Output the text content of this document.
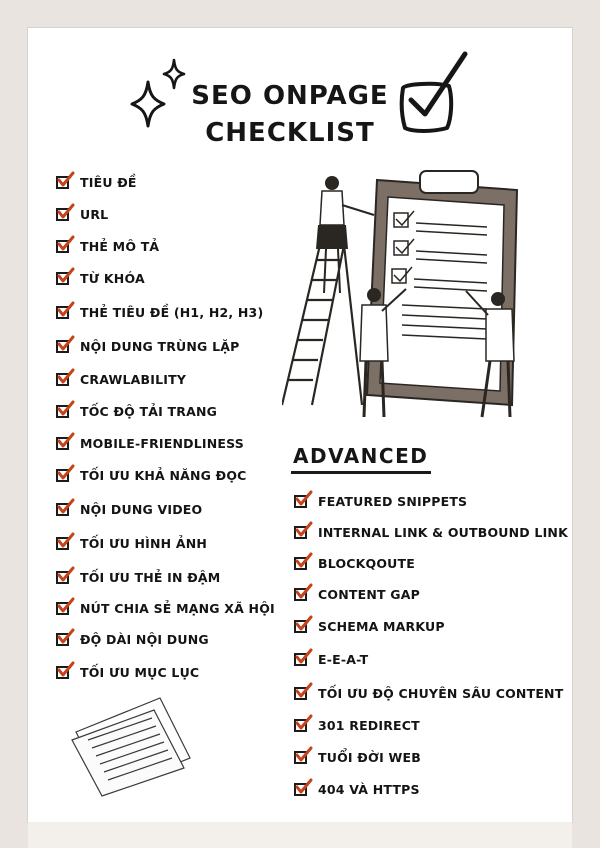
SEO ONPAGE
CHECKLIST
ADVANCED
TIÊU ĐỀ
URL
THẺ MÔ TẢ
TỪ KHÓA
THẺ TIÊU ĐỀ (H1, H2, H3)
NỘI DUNG TRÙNG LẶP
CRAWLABILITY
TỐC ĐỘ TẢI TRANG
MOBILE-FRIENDLINESS
TỐI ƯU KHẢ NĂNG ĐỌC
NỘI DUNG VIDEO
TỐI ƯU HÌNH ẢNH
TỐI ƯU THẺ IN ĐẬM
NÚT CHIA SẺ MẠNG XÃ HỘI
ĐỘ DÀI NỘI DUNG
TỐI ƯU MỤC LỤC
FEATURED SNIPPETS
INTERNAL LINK & OUTBOUND LINK
BLOCKQOUTE
CONTENT GAP
SCHEMA MARKUP
E-E-A-T
TỐI ƯU ĐỘ CHUYÊN SÂU CONTENT
301 REDIRECT
TUỔI ĐỜI WEB
404 VÀ HTTPS
